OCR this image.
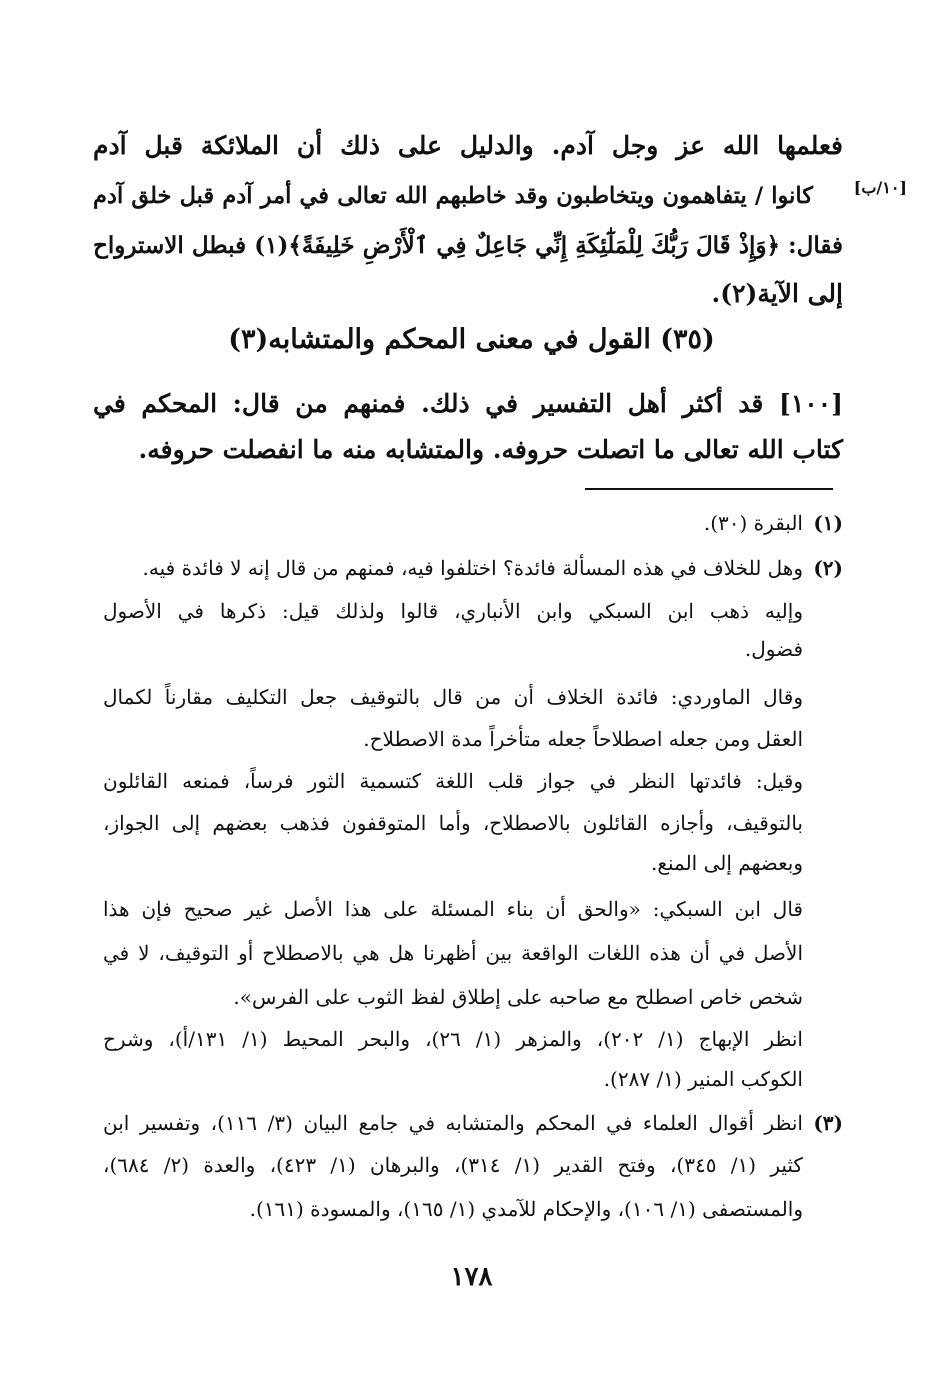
فعلمها الله عز وجل آدم. والدليل على ذلك أن الملائكة قبل آدم
كانوا / يتفاهمون ويتخاطبون وقد خاطبهم الله تعالى في أمر آدم قبل خلق آدم	[١٠/ب]
فقال: ﴿وَإِذْ قَالَ رَبُّكَ لِلْمَلَٰٓئِكَةِ إِنِّي جَاعِلٌ فِي ٱلْأَرْضِ خَلِيفَةً﴾(١) فبطل الاسترواح
إلى الآية(٢).
(٣٥) القول في معنى المحكم والمتشابه(٣)
[١٠٠] قد أكثر أهل التفسير في ذلك. فمنهم من قال: المحكم في
كتاب الله تعالى ما اتصلت حروفه. والمتشابه منه ما انفصلت حروفه.
(١)
البقرة (٣٠).
(٢)
وهل للخلاف في هذه المسألة فائدة؟ اختلفوا فيه، فمنهم من قال إنه لا فائدة فيه.
وإليه ذهب ابن السبكي وابن الأنباري، قالوا ولذلك قيل: ذكرها في الأصول
فضول.
وقال الماوردي: فائدة الخلاف أن من قال بالتوقيف جعل التكليف مقارناً لكمال
العقل ومن جعله اصطلاحاً جعله متأخراً مدة الاصطلاح.
وقيل: فائدتها النظر في جواز قلب اللغة كتسمية الثور فرساً، فمنعه القائلون
بالتوقيف، وأجازه القائلون بالاصطلاح، وأما المتوقفون فذهب بعضهم إلى الجواز،
وبعضهم إلى المنع.
قال ابن السبكي: «والحق أن بناء المسئلة على هذا الأصل غير صحيح فإن هذا
الأصل في أن هذه اللغات الواقعة بين أظهرنا هل هي بالاصطلاح أو التوقيف، لا في
شخص خاص اصطلح مع صاحبه على إطلاق لفظ الثوب على الفرس».
انظر الإبهاج (١/ ٢٠٢)، والمزهر (١/ ٢٦)، والبحر المحيط (١/ ١٣١/أ)، وشرح
الكوكب المنير (١/ ٢٨٧).
(٣)
انظر أقوال العلماء في المحكم والمتشابه في جامع البيان (٣/ ١١٦)، وتفسير ابن
كثير (١/ ٣٤٥)، وفتح القدير (١/ ٣١٤)، والبرهان (١/ ٤٢٣)، والعدة (٢/ ٦٨٤)،
والمستصفى (١/ ١٠٦)، والإحكام للآمدي (١/ ١٦٥)، والمسودة (١٦١).
١٧٨
